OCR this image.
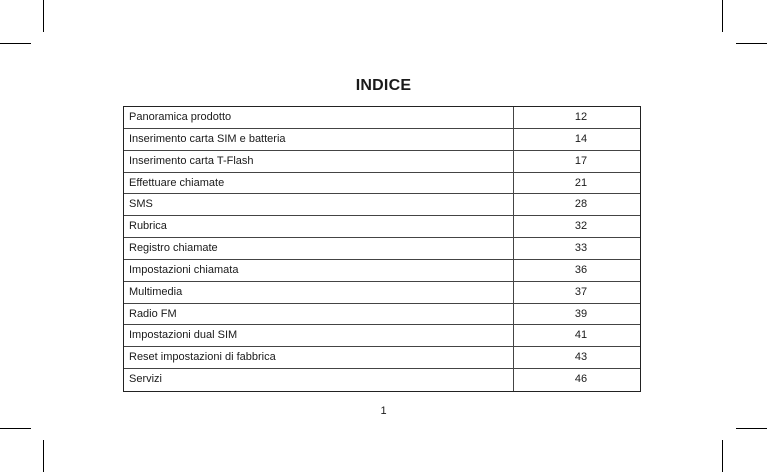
INDICE
Panoramica prodotto	12
Inserimento carta SIM e batteria	14
Inserimento carta T-Flash	17
Effettuare chiamate	21
SMS	28
Rubrica	32
Registro chiamate	33
Impostazioni chiamata	36
Multimedia	37
Radio FM	39
Impostazioni dual SIM	41
Reset impostazioni di fabbrica	43
Servizi	46
1
